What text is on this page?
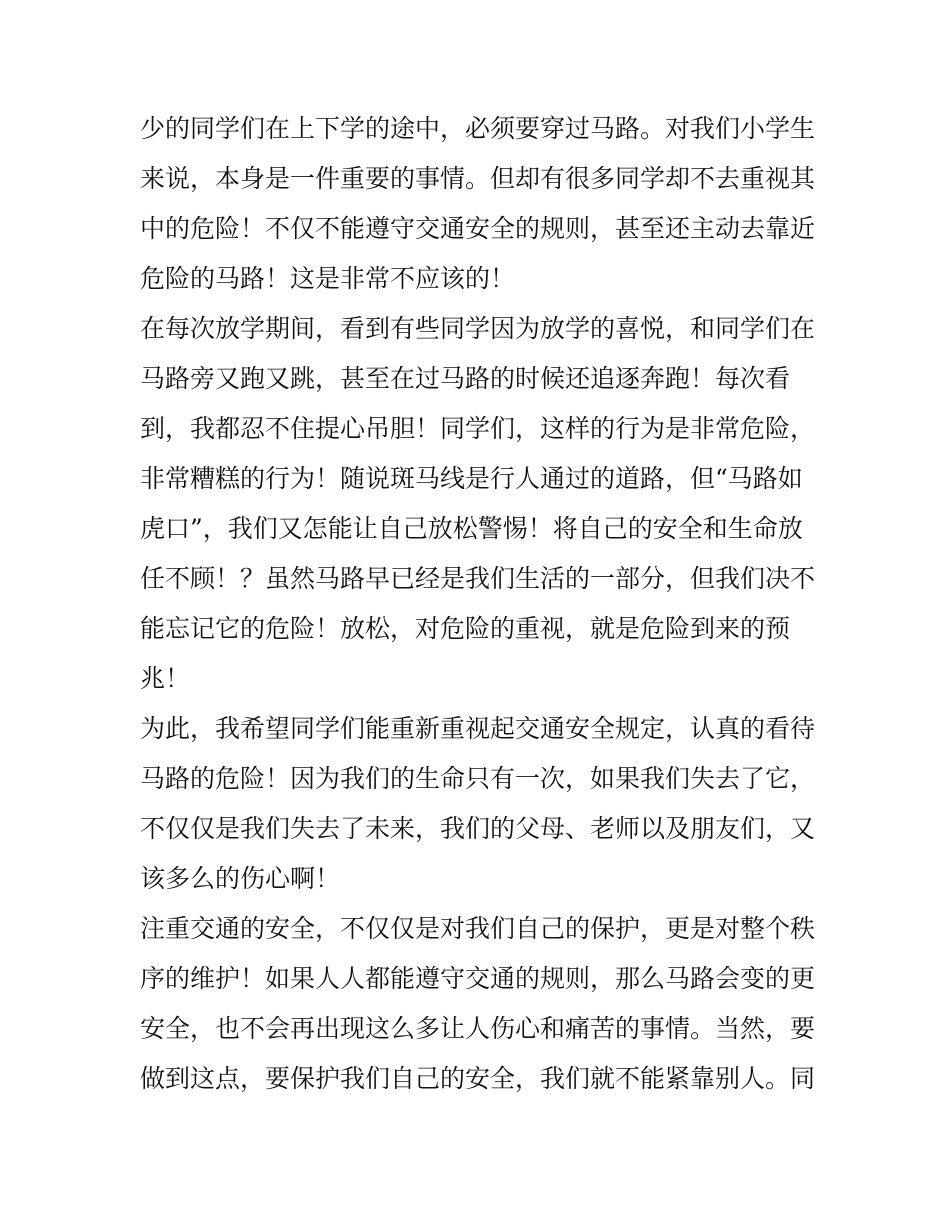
少的同学们在上下学的途中，必须要穿过马路。对我们小学生
来说，本身是一件重要的事情。但却有很多同学却不去重视其
中的危险！不仅不能遵守交通安全的规则，甚至还主动去靠近
危险的马路！这是非常不应该的！
在每次放学期间，看到有些同学因为放学的喜悦，和同学们在
马路旁又跑又跳，甚至在过马路的时候还追逐奔跑！每次看
到，我都忍不住提心吊胆！同学们，这样的行为是非常危险，
非常糟糕的行为！随说斑马线是行人通过的道路，但“马路如
虎口”，我们又怎能让自己放松警惕！将自己的安全和生命放
任不顾！？虽然马路早已经是我们生活的一部分，但我们决不
能忘记它的危险！放松，对危险的重视，就是危险到来的预
兆！
为此，我希望同学们能重新重视起交通安全规定，认真的看待
马路的危险！因为我们的生命只有一次，如果我们失去了它，
不仅仅是我们失去了未来，我们的父母、老师以及朋友们，又
该多么的伤心啊！
注重交通的安全，不仅仅是对我们自己的保护，更是对整个秩
序的维护！如果人人都能遵守交通的规则，那么马路会变的更
安全，也不会再出现这么多让人伤心和痛苦的事情。当然，要
做到这点，要保护我们自己的安全，我们就不能紧靠别人。同
